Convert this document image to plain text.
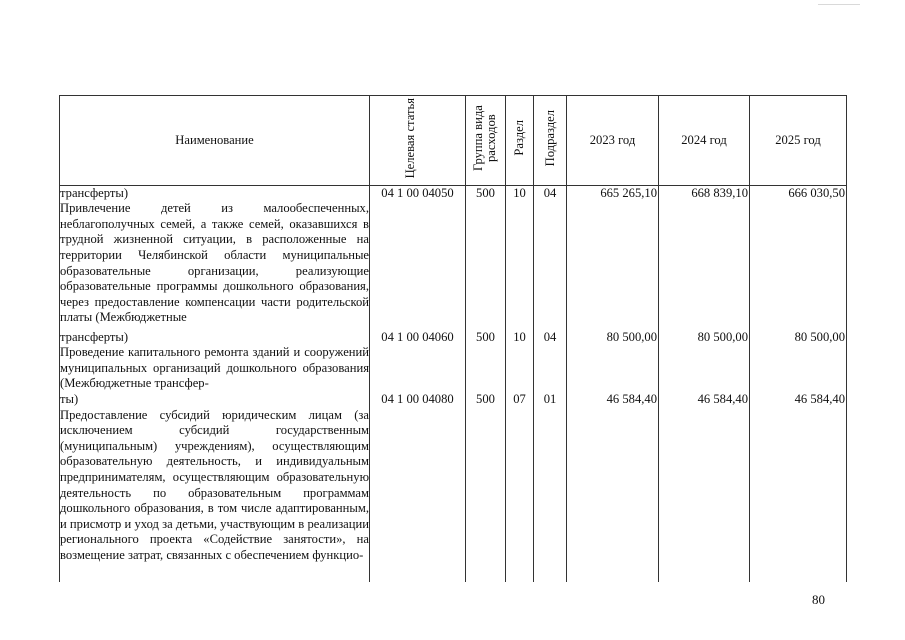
Наименование	Целевая статья	Группа вида расходов	Раздел	Подраздел	2023 год	2024 год	2025 год

трансферты)
Привлечение детей из малообеспеченных, неблагополучных семей, а также семей, оказавшихся в трудной жизненной ситуации, в расположенные на территории Челябинской области муниципальные образовательные организации, реализующие образовательные программы дошкольного образования, через предоставление компенсации части родительской платы (Межбюджетные	04 1 00 04050	500	10	04	665 265,10	668 839,10	666 030,50

трансферты)
Проведение капитального ремонта зданий и сооружений муниципальных организаций дошкольного образования (Межбюджетные трансфер-	04 1 00 04060	500	10	04	80 500,00	80 500,00	80 500,00

ты)
Предоставление субсидий юридическим лицам (за исключением субсидий государственным (муниципальным) учреждениям), осуществляющим образовательную деятельность, и индивидуальным предпринимателям, осуществляющим образовательную деятельность по образовательным программам дошкольного образования, в том числе адаптированным, и присмотр и уход за детьми, участвующим в реализации регионального проекта «Содействие занятости», на возмещение затрат, связанных с обеспечением функцио-	04 1 00 04080	500	07	01	46 584,40	46 584,40	46 584,40
80
